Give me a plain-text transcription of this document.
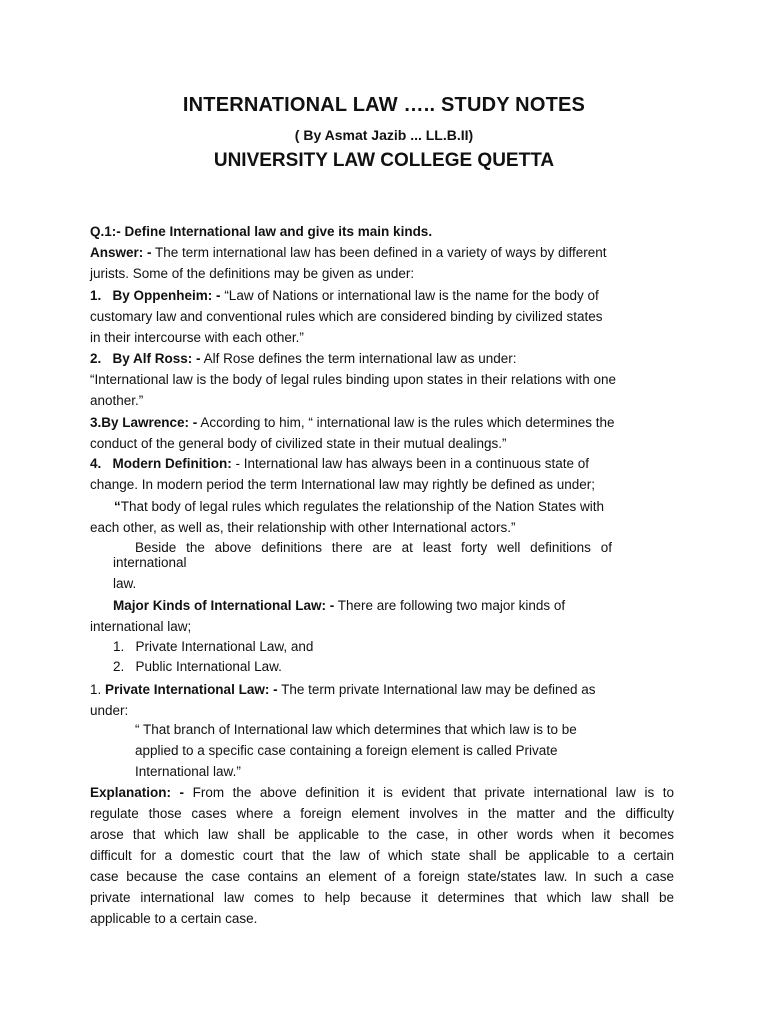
INTERNATIONAL LAW ….. STUDY NOTES
( By Asmat Jazib ... LL.B.II)
UNIVERSITY LAW COLLEGE QUETTA
Q.1:- Define International law and give its main kinds.
Answer: - The term international law has been defined in a variety of ways by different
jurists. Some of the definitions may be given as under:
1. By Oppenheim: - “Law of Nations or international law is the name for the body of
customary law and conventional rules which are considered binding by civilized states
in their intercourse with each other.”
2. By Alf Ross: - Alf Rose defines the term international law as under:
“International law is the body of legal rules binding upon states in their relations with one
another.”
3.By Lawrence: - According to him, “ international law is the rules which determines the
conduct of the general body of civilized state in their mutual dealings.”
4. Modern Definition: - International law has always been in a continuous state of
change. In modern period the term International law may rightly be defined as under;
“That body of legal rules which regulates the relationship of the Nation States with
each other, as well as, their relationship with other International actors.”
Beside the above definitions there are at least forty well definitions of
international
law.
Major Kinds of International Law: - There are following two major kinds of
international law;
1. Private International Law, and
2. Public International Law.
1. Private International Law: - The term private International law may be defined as
under:
“ That branch of International law which determines that which law is to be
applied to a specific case containing a foreign element is called Private
International law.”
Explanation: - From the above definition it is evident that private international law is to
regulate those cases where a foreign element involves in the matter and the difficulty
arose that which law shall be applicable to the case, in other words when it becomes
difficult for a domestic court that the law of which state shall be applicable to a certain
case because the case contains an element of a foreign state/states law. In such a case
private international law comes to help because it determines that which law shall be
applicable to a certain case.
